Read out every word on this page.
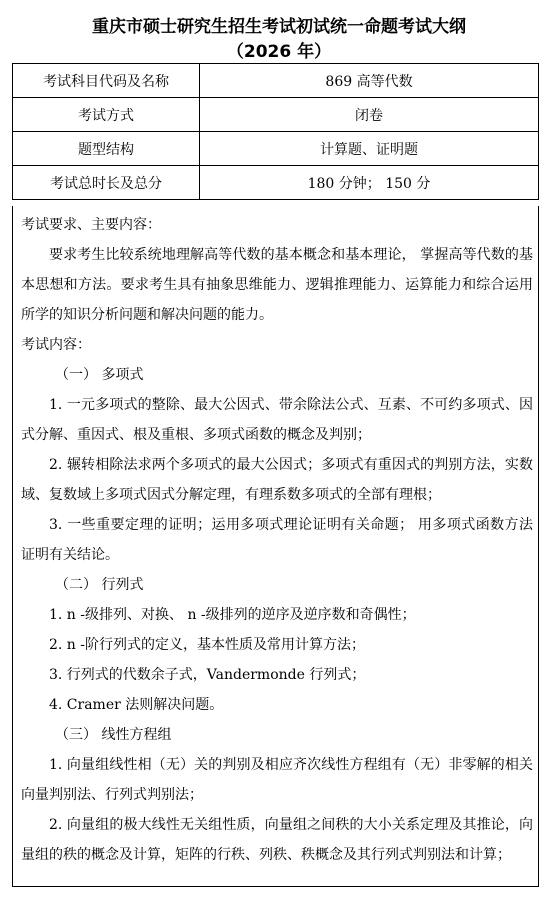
重庆市硕士研究生招生考试初试统一命题考试大纲
（2026 年）
考试科目代码及名称	869 高等代数
考试方式	闭卷
题型结构	计算题、证明题
考试总时长及总分	180 分钟； 150 分

考试要求、主要内容：

要求考生比较系统地理解高等代数的基本概念和基本理论， 掌握高等代数的基本思想和方法。要求考生具有抽象思维能力、逻辑推理能力、运算能力和综合运用所学的知识分析问题和解决问题的能力。

考试内容：

（一） 多项式

1. 一元多项式的整除、最大公因式、带余除法公式、互素、不可约多项式、因式分解、重因式、根及重根、多项式函数的概念及判别；

2. 辗转相除法求两个多项式的最大公因式；多项式有重因式的判别方法，实数域、复数域上多项式因式分解定理，有理系数多项式的全部有理根；

3. 一些重要定理的证明；运用多项式理论证明有关命题； 用多项式函数方法证明有关结论。

（二） 行列式

1. n -级排列、对换、 n -级排列的逆序及逆序数和奇偶性；

2. n -阶行列式的定义，基本性质及常用计算方法；

3. 行列式的代数余子式，Vandermonde 行列式；

4. Cramer 法则解决问题。

（三） 线性方程组

1. 向量组线性相（无）关的判别及相应齐次线性方程组有（无）非零解的相关向量判别法、行列式判别法；

2. 向量组的极大线性无关组性质，向量组之间秩的大小关系定理及其推论，向量组的秩的概念及计算，矩阵的行秩、列秩、秩概念及其行列式判别法和计算；
